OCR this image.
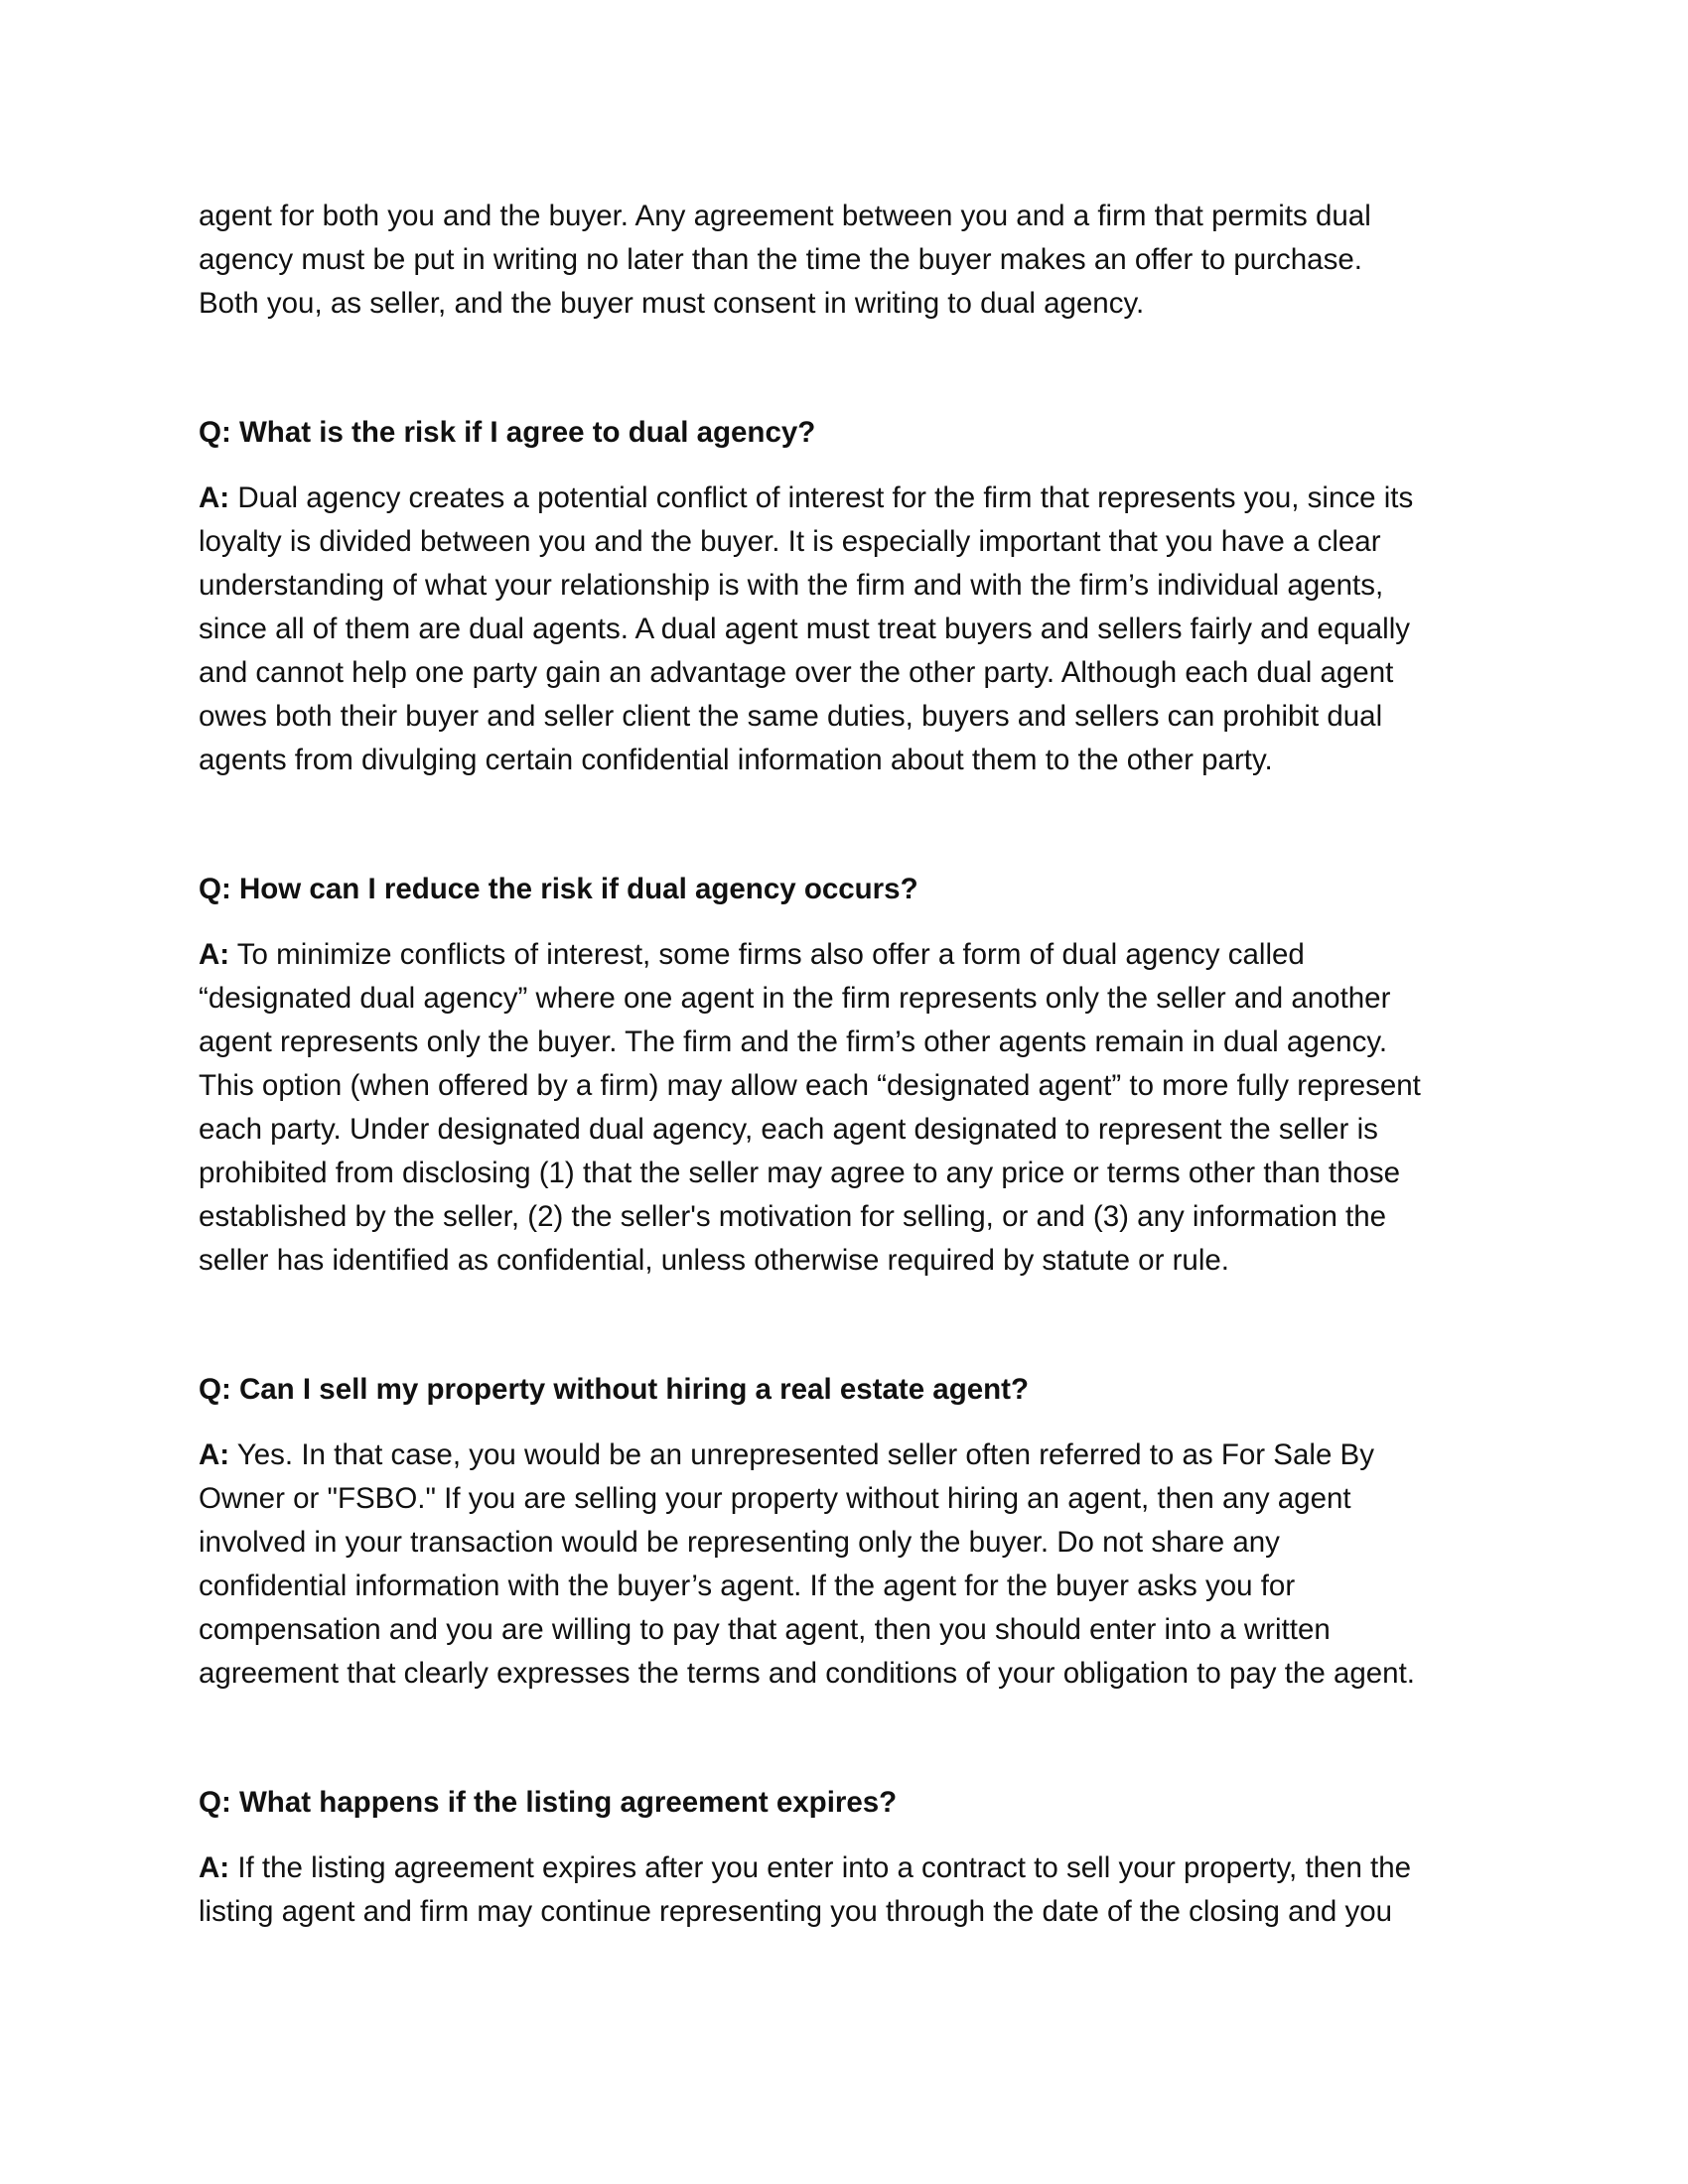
agent for both you and the buyer. Any agreement between you and a firm that permits dual
agency must be put in writing no later than the time the buyer makes an offer to purchase.
Both you, as seller, and the buyer must consent in writing to dual agency.

Q: What is the risk if I agree to dual agency?

A: Dual agency creates a potential conflict of interest for the firm that represents you, since its
loyalty is divided between you and the buyer. It is especially important that you have a clear
understanding of what your relationship is with the firm and with the firm’s individual agents,
since all of them are dual agents. A dual agent must treat buyers and sellers fairly and equally
and cannot help one party gain an advantage over the other party. Although each dual agent
owes both their buyer and seller client the same duties, buyers and sellers can prohibit dual
agents from divulging certain confidential information about them to the other party.

Q: How can I reduce the risk if dual agency occurs?

A: To minimize conflicts of interest, some firms also offer a form of dual agency called
“designated dual agency” where one agent in the firm represents only the seller and another
agent represents only the buyer. The firm and the firm’s other agents remain in dual agency.
This option (when offered by a firm) may allow each “designated agent” to more fully represent
each party. Under designated dual agency, each agent designated to represent the seller is
prohibited from disclosing (1) that the seller may agree to any price or terms other than those
established by the seller, (2) the seller's motivation for selling, or and (3) any information the
seller has identified as confidential, unless otherwise required by statute or rule.

Q: Can I sell my property without hiring a real estate agent?

A: Yes. In that case, you would be an unrepresented seller often referred to as For Sale By
Owner or "FSBO." If you are selling your property without hiring an agent, then any agent
involved in your transaction would be representing only the buyer. Do not share any
confidential information with the buyer’s agent. If the agent for the buyer asks you for
compensation and you are willing to pay that agent, then you should enter into a written
agreement that clearly expresses the terms and conditions of your obligation to pay the agent.

Q: What happens if the listing agreement expires?

A: If the listing agreement expires after you enter into a contract to sell your property, then the
listing agent and firm may continue representing you through the date of the closing and you
